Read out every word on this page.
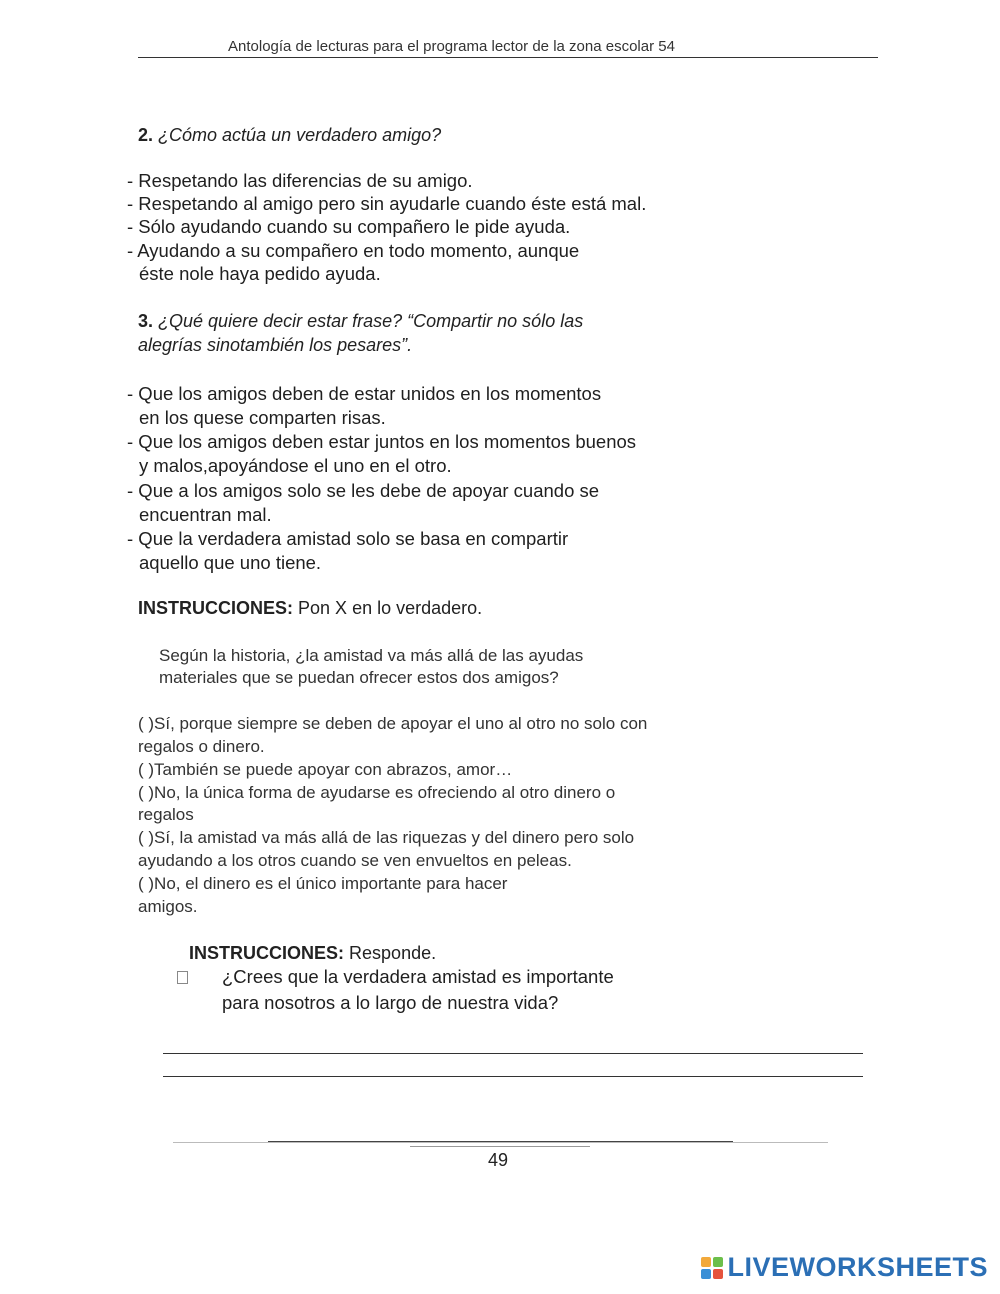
Antología de lecturas para el programa lector de la zona escolar 54
2. ¿Cómo actúa un verdadero amigo?
- Respetando las diferencias de su amigo.
- Respetando al amigo pero sin ayudarle cuando éste está mal.
- Sólo ayudando cuando su compañero le pide ayuda.
- Ayudando a su compañero en todo momento, aunque
éste nole haya pedido ayuda.
3. ¿Qué quiere decir estar frase? “Compartir no sólo las
alegrías sinotambién los pesares”.
- Que los amigos deben de estar unidos en los momentos
en los quese comparten risas.
- Que los amigos deben estar juntos en los momentos buenos
y malos,apoyándose el uno en el otro.
- Que a los amigos solo se les debe de apoyar cuando se
encuentran mal.
- Que la verdadera amistad solo se basa en compartir
aquello que uno tiene.
INSTRUCCIONES: Pon X en lo verdadero.
Según la historia, ¿la amistad va más allá de las ayudas
materiales que se puedan ofrecer estos dos amigos?
( )Sí, porque siempre se deben de apoyar el uno al otro no solo con
regalos o dinero.
( )También se puede apoyar con abrazos, amor…
( )No, la única forma de ayudarse es ofreciendo al otro dinero o
regalos
( )Sí, la amistad va más allá de las riquezas y del dinero pero solo
ayudando a los otros cuando se ven envueltos en peleas.
( )No, el dinero es el único importante para hacer
amigos.
INSTRUCCIONES: Responde.
¿Crees que la verdadera amistad es importante
para nosotros a lo largo de nuestra vida?
49
LIVEWORKSHEETS
